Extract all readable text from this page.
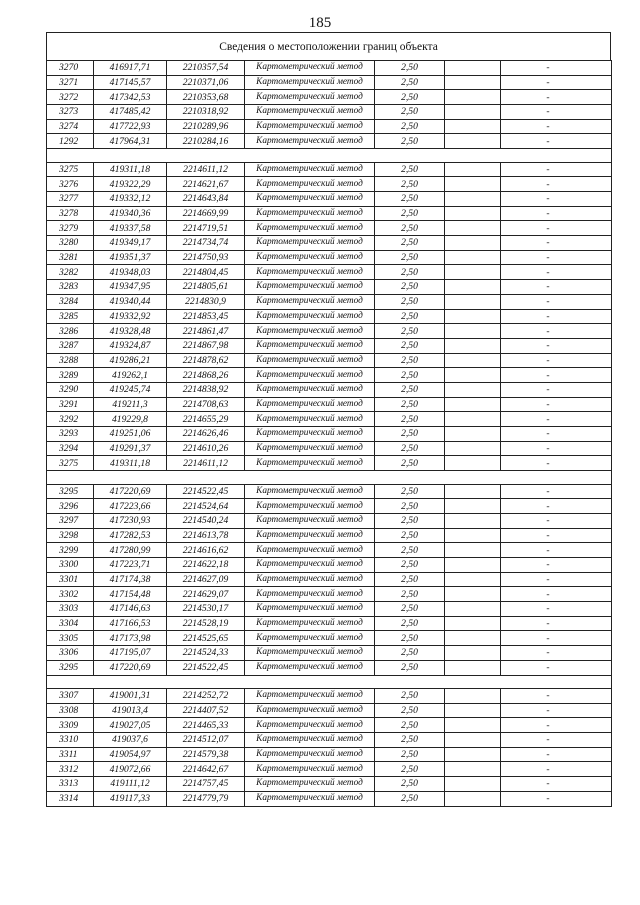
185
Сведения о местоположении границ объекта
3270	416917,71	2210357,54	Картометрический метод	2,50		-
3271	417145,57	2210371,06	Картометрический метод	2,50		-
3272	417342,53	2210353,68	Картометрический метод	2,50		-
3273	417485,42	2210318,92	Картометрический метод	2,50		-
3274	417722,93	2210289,96	Картометрический метод	2,50		-
1292	417964,31	2210284,16	Картометрический метод	2,50		-

3275	419311,18	2214611,12	Картометрический метод	2,50		-
3276	419322,29	2214621,67	Картометрический метод	2,50		-
3277	419332,12	2214643,84	Картометрический метод	2,50		-
3278	419340,36	2214669,99	Картометрический метод	2,50		-
3279	419337,58	2214719,51	Картометрический метод	2,50		-
3280	419349,17	2214734,74	Картометрический метод	2,50		-
3281	419351,37	2214750,93	Картометрический метод	2,50		-
3282	419348,03	2214804,45	Картометрический метод	2,50		-
3283	419347,95	2214805,61	Картометрический метод	2,50		-
3284	419340,44	2214830,9	Картометрический метод	2,50		-
3285	419332,92	2214853,45	Картометрический метод	2,50		-
3286	419328,48	2214861,47	Картометрический метод	2,50		-
3287	419324,87	2214867,98	Картометрический метод	2,50		-
3288	419286,21	2214878,62	Картометрический метод	2,50		-
3289	419262,1	2214868,26	Картометрический метод	2,50		-
3290	419245,74	2214838,92	Картометрический метод	2,50		-
3291	419211,3	2214708,63	Картометрический метод	2,50		-
3292	419229,8	2214655,29	Картометрический метод	2,50		-
3293	419251,06	2214626,46	Картометрический метод	2,50		-
3294	419291,37	2214610,26	Картометрический метод	2,50		-
3275	419311,18	2214611,12	Картометрический метод	2,50		-

3295	417220,69	2214522,45	Картометрический метод	2,50		-
3296	417223,66	2214524,64	Картометрический метод	2,50		-
3297	417230,93	2214540,24	Картометрический метод	2,50		-
3298	417282,53	2214613,78	Картометрический метод	2,50		-
3299	417280,99	2214616,62	Картометрический метод	2,50		-
3300	417223,71	2214622,18	Картометрический метод	2,50		-
3301	417174,38	2214627,09	Картометрический метод	2,50		-
3302	417154,48	2214629,07	Картометрический метод	2,50		-
3303	417146,63	2214530,17	Картометрический метод	2,50		-
3304	417166,53	2214528,19	Картометрический метод	2,50		-
3305	417173,98	2214525,65	Картометрический метод	2,50		-
3306	417195,07	2214524,33	Картометрический метод	2,50		-
3295	417220,69	2214522,45	Картометрический метод	2,50		-

3307	419001,31	2214252,72	Картометрический метод	2,50		-
3308	419013,4	2214407,52	Картометрический метод	2,50		-
3309	419027,05	2214465,33	Картометрический метод	2,50		-
3310	419037,6	2214512,07	Картометрический метод	2,50		-
3311	419054,97	2214579,38	Картометрический метод	2,50		-
3312	419072,66	2214642,67	Картометрический метод	2,50		-
3313	419111,12	2214757,45	Картометрический метод	2,50		-
3314	419117,33	2214779,79	Картометрический метод	2,50		-
